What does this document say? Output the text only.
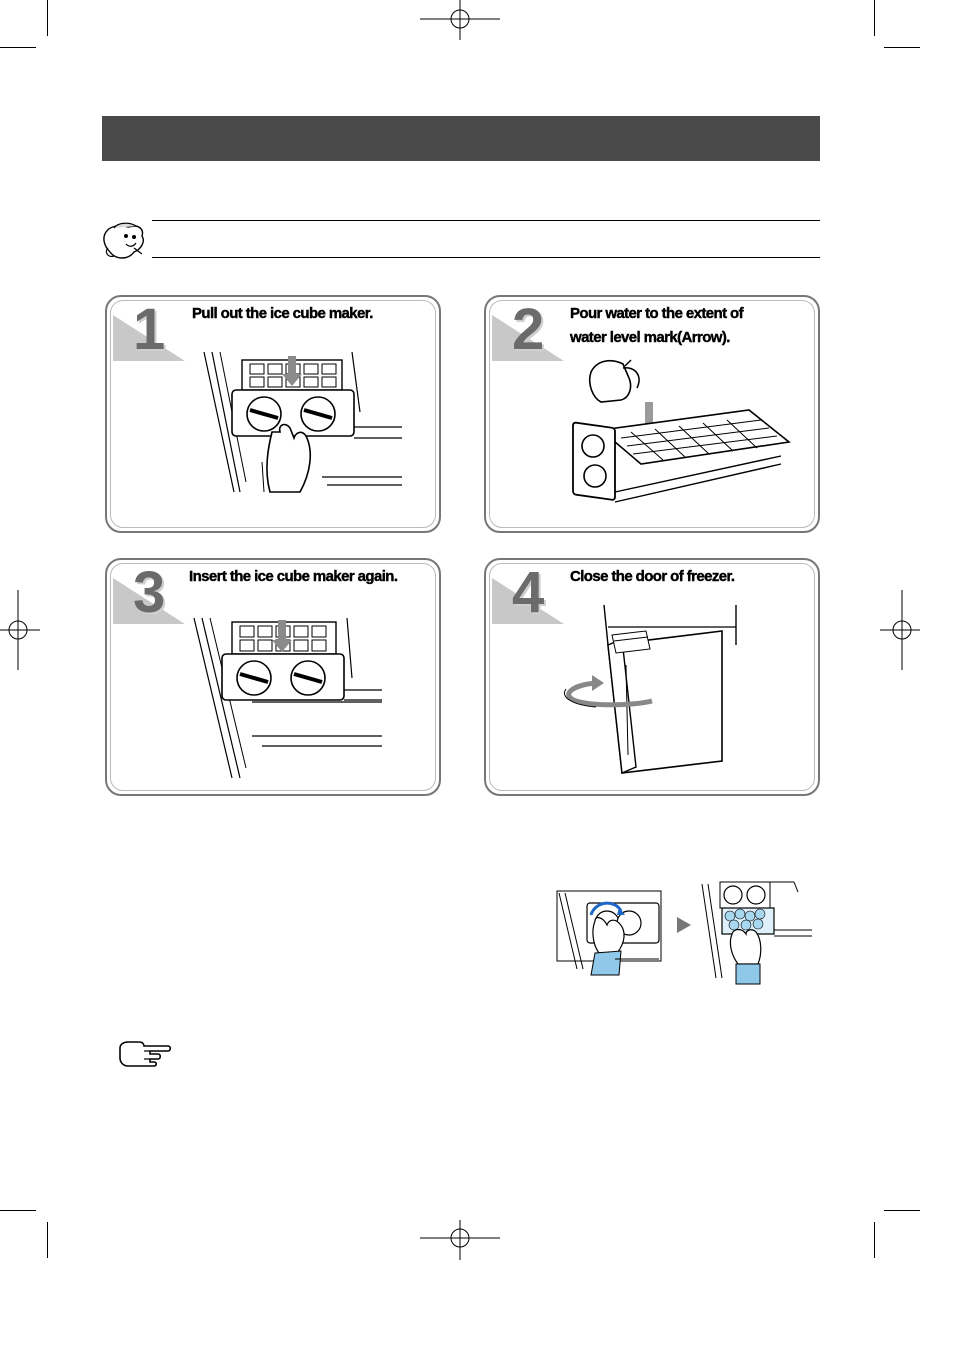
1 Pull out the ice cube maker. 2 Pour water to the extent of
water level mark(Arrow).
3 Insert the ice cube maker again. 4 Close the door of freezer.
